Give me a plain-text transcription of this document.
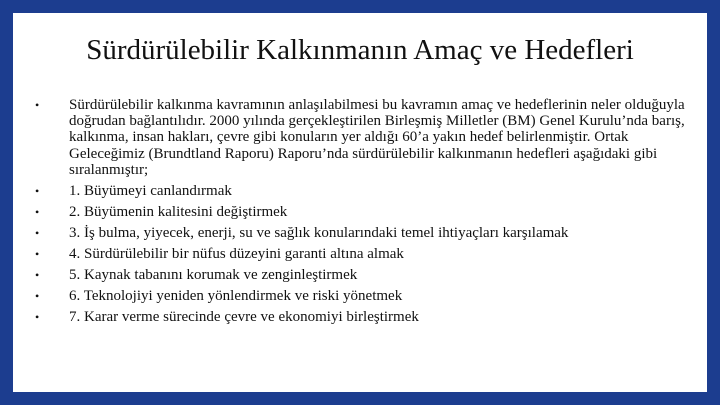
Sürdürülebilir Kalkınmanın Amaç ve Hedefleri
•	Sürdürülebilir kalkınma kavramının anlaşılabilmesi bu kavramın amaç ve hedeflerinin neler olduğuyla doğrudan bağlantılıdır. 2000 yılında gerçekleştirilen Birleşmiş Milletler (BM) Genel Kurulu’nda barış, kalkınma, insan hakları, çevre gibi konuların yer aldığı 60’a yakın hedef belirlenmiştir. Ortak Geleceğimiz (Brundtland Raporu) Raporu’nda sürdürülebilir kalkınmanın hedefleri aşağıdaki gibi sıralanmıştır;
•	1. Büyümeyi canlandırmak
•	2. Büyümenin kalitesini değiştirmek
•	3. İş bulma, yiyecek, enerji, su ve sağlık konularındaki temel ihtiyaçları karşılamak
•	4. Sürdürülebilir bir nüfus düzeyini garanti altına almak
•	5. Kaynak tabanını korumak ve zenginleştirmek
•	6. Teknolojiyi yeniden yönlendirmek ve riski yönetmek
•	7. Karar verme sürecinde çevre ve ekonomiyi birleştirmek
